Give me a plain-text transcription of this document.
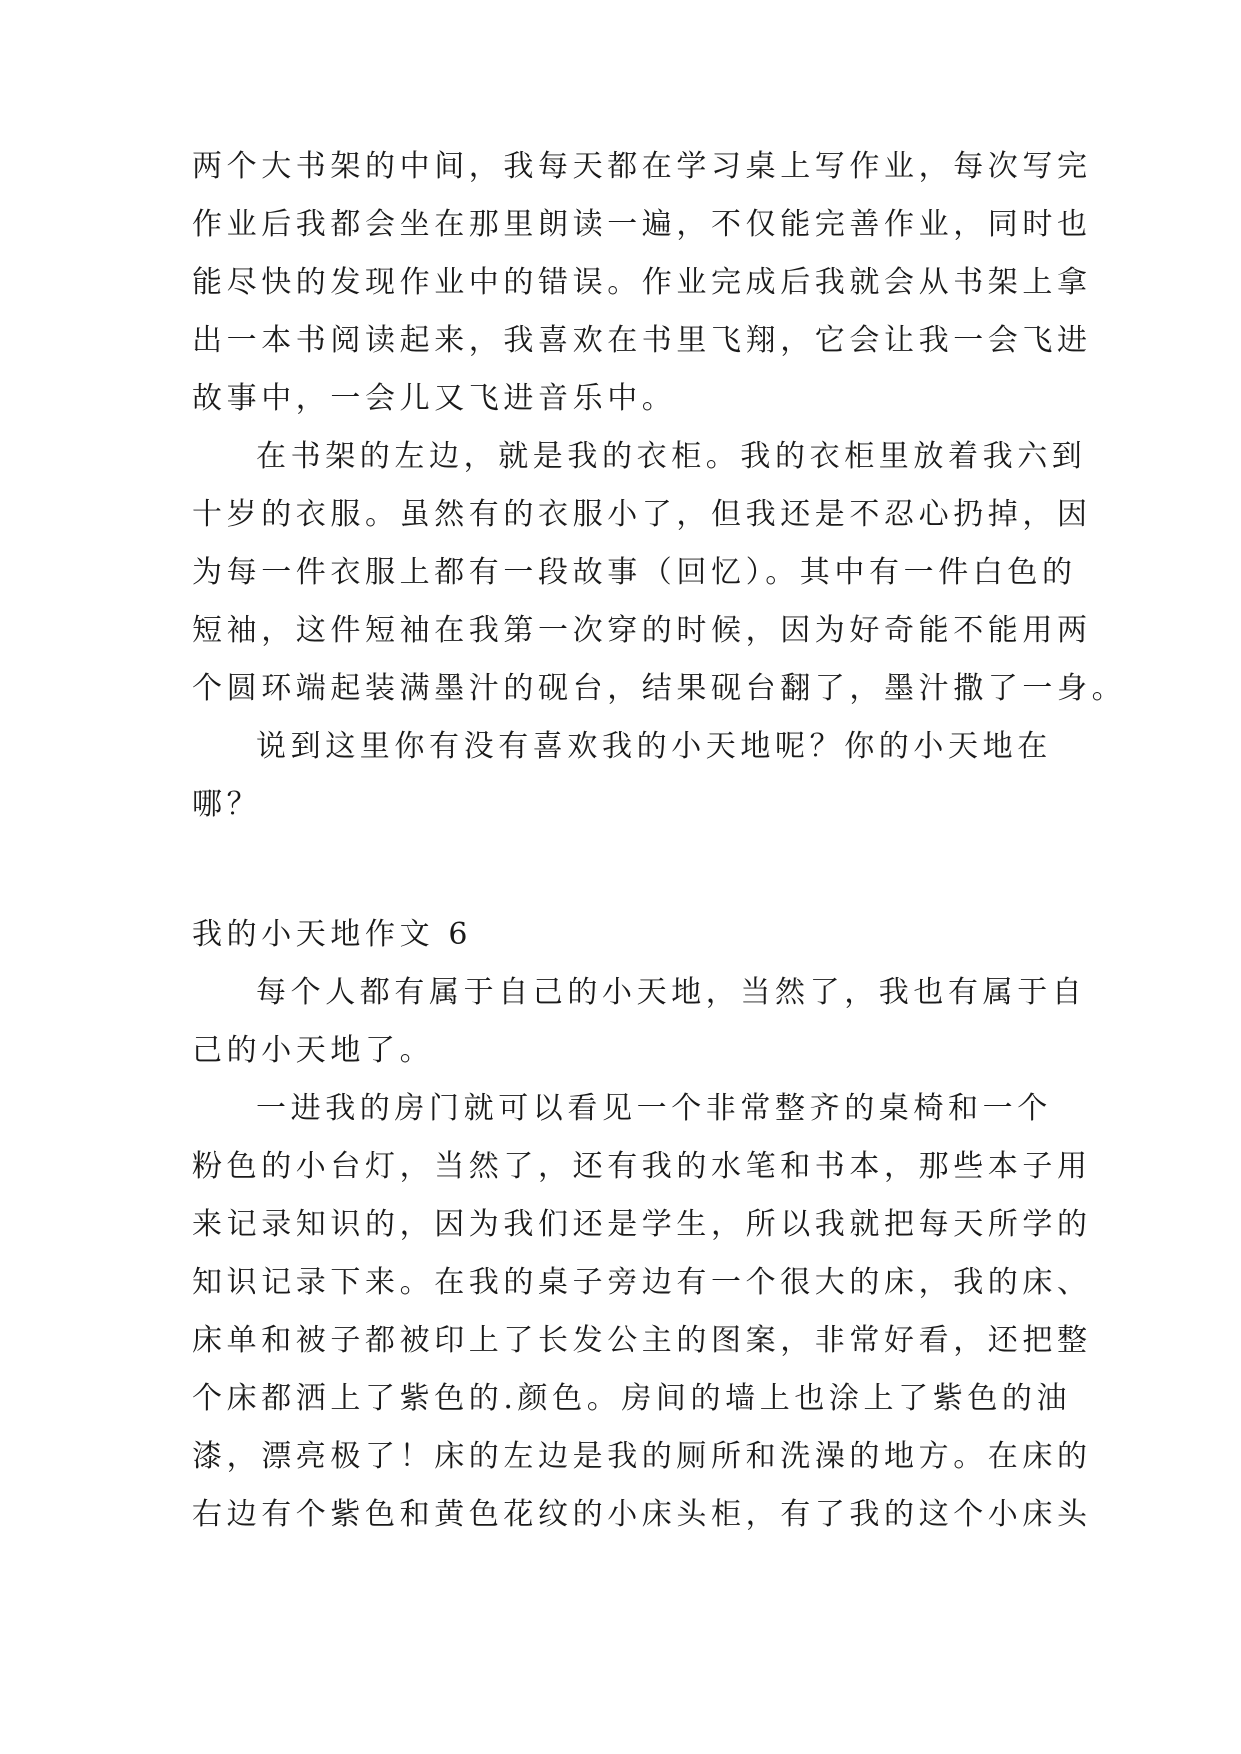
两个大书架的中间，我每天都在学习桌上写作业，每次写完
作业后我都会坐在那里朗读一遍，不仅能完善作业，同时也
能尽快的发现作业中的错误。作业完成后我就会从书架上拿
出一本书阅读起来，我喜欢在书里飞翔，它会让我一会飞进
故事中，一会儿又飞进音乐中。
在书架的左边，就是我的衣柜。我的衣柜里放着我六到
十岁的衣服。虽然有的衣服小了，但我还是不忍心扔掉，因
为每一件衣服上都有一段故事（回忆）。其中有一件白色的
短袖，这件短袖在我第一次穿的时候，因为好奇能不能用两
个圆环端起装满墨汁的砚台，结果砚台翻了，墨汁撒了一身。
说到这里你有没有喜欢我的小天地呢？你的小天地在
哪？
我的小天地作文 6
每个人都有属于自己的小天地，当然了，我也有属于自
己的小天地了。
一进我的房门就可以看见一个非常整齐的桌椅和一个
粉色的小台灯，当然了，还有我的水笔和书本，那些本子用
来记录知识的，因为我们还是学生，所以我就把每天所学的
知识记录下来。在我的桌子旁边有一个很大的床，我的床、
床单和被子都被印上了长发公主的图案，非常好看，还把整
个床都洒上了紫色的.颜色。房间的墙上也涂上了紫色的油
漆，漂亮极了！床的左边是我的厕所和洗澡的地方。在床的
右边有个紫色和黄色花纹的小床头柜，有了我的这个小床头
